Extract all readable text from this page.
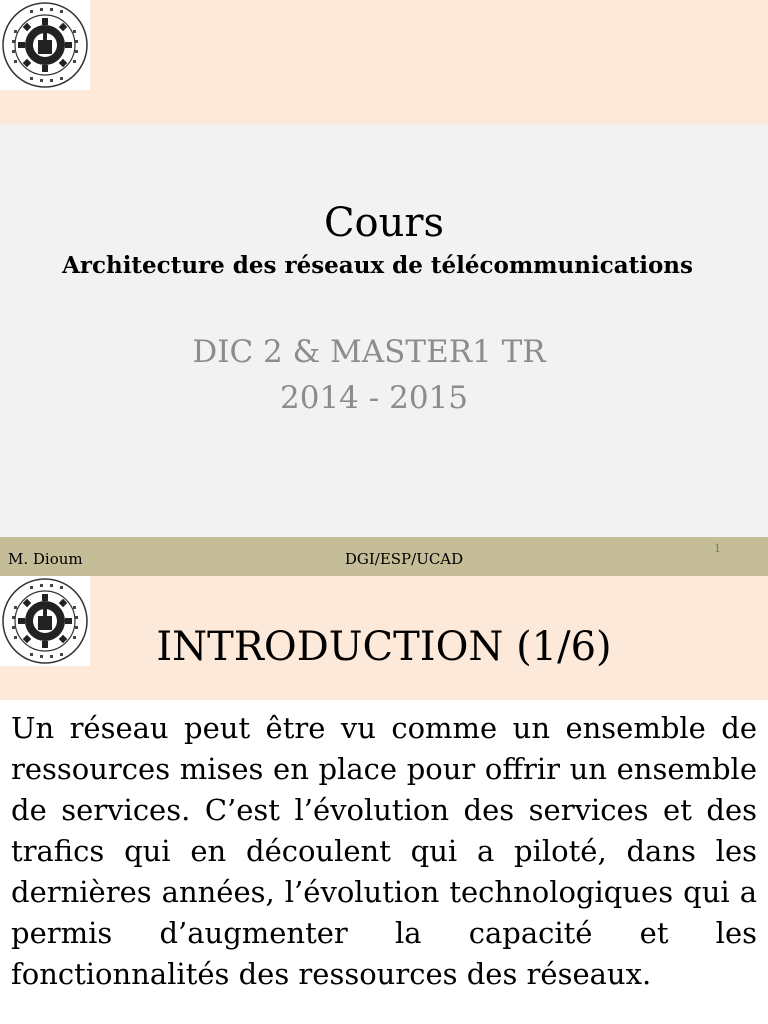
Cours
Architecture des réseaux de télécommunications
DIC 2 & MASTER1 TR
2014 - 2015
M. Dioum	DGI/ESP/UCAD
1
INTRODUCTION (1/6)
Un réseau peut être vu comme un ensemble de ressources mises en place pour offrir un ensemble de services. C’est l’évolution des services et des trafics qui en découlent qui a piloté, dans les dernières années, l’évolution technologiques qui a permis d’augmenter la capacité et les fonctionnalités des ressources des réseaux.
